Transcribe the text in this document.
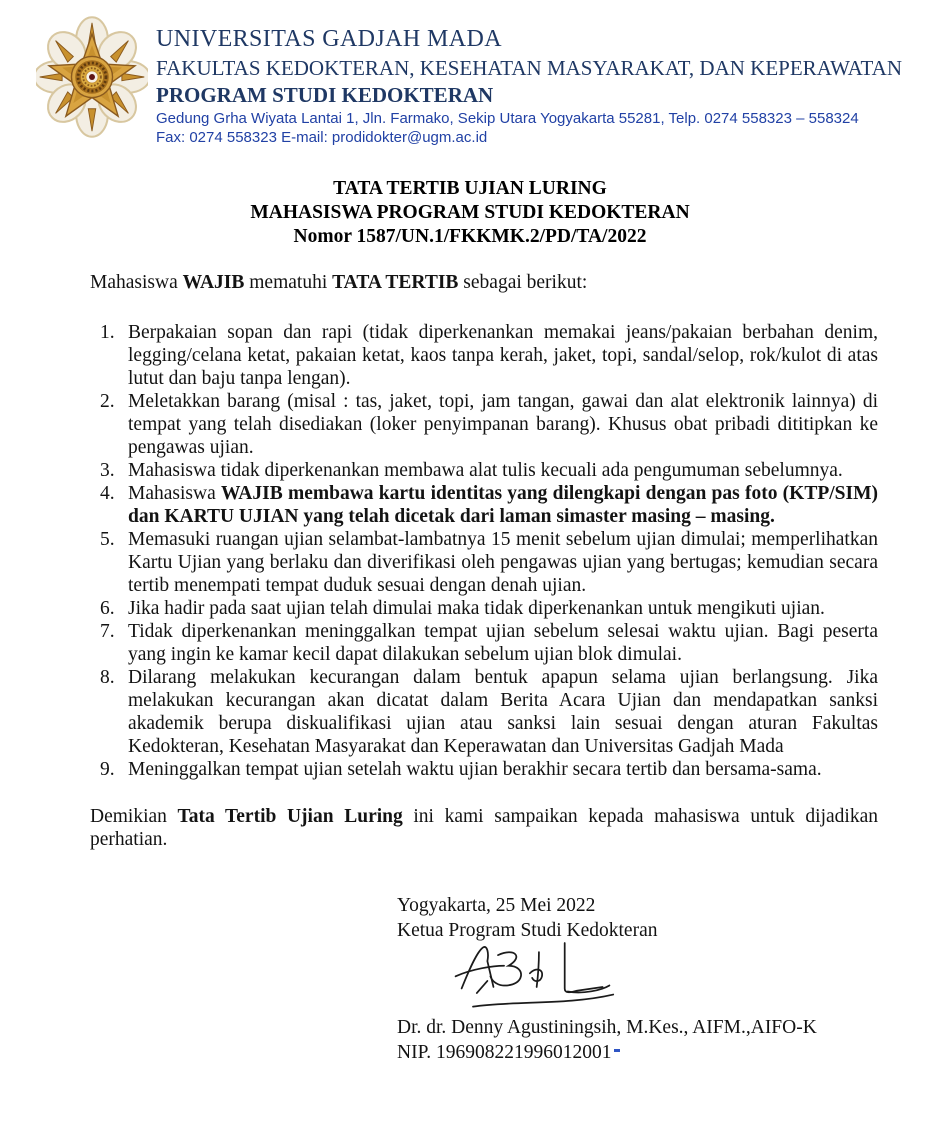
UNIVERSITAS GADJAH MADA
FAKULTAS KEDOKTERAN, KESEHATAN MASYARAKAT, DAN KEPERAWATAN
PROGRAM STUDI KEDOKTERAN
Gedung Grha Wiyata Lantai 1, Jln. Farmako, Sekip Utara Yogyakarta 55281, Telp. 0274 558323 – 558324
Fax: 0274 558323 E-mail: prodidokter@ugm.ac.id
TATA TERTIB UJIAN LURING
MAHASISWA PROGRAM STUDI KEDOKTERAN
Nomor 1587/UN.1/FKKMK.2/PD/TA/2022

Mahasiswa WAJIB mematuhi TATA TERTIB sebagai berikut:

1. Berpakaian sopan dan rapi (tidak diperkenankan memakai jeans/pakaian berbahan denim, legging/celana ketat, pakaian ketat, kaos tanpa kerah, jaket, topi, sandal/selop, rok/kulot di atas lutut dan baju tanpa lengan).
2. Meletakkan barang (misal : tas, jaket, topi, jam tangan, gawai dan alat elektronik lainnya) di tempat yang telah disediakan (loker penyimpanan barang). Khusus obat pribadi dititipkan ke pengawas ujian.
3. Mahasiswa tidak diperkenankan membawa alat tulis kecuali ada pengumuman sebelumnya.
4. Mahasiswa WAJIB membawa kartu identitas yang dilengkapi dengan pas foto (KTP/SIM) dan KARTU UJIAN yang telah dicetak dari laman simaster masing – masing.
5. Memasuki ruangan ujian selambat-lambatnya 15 menit sebelum ujian dimulai; memperlihatkan Kartu Ujian yang berlaku dan diverifikasi oleh pengawas ujian yang bertugas; kemudian secara tertib menempati tempat duduk sesuai dengan denah ujian.
6. Jika hadir pada saat ujian telah dimulai maka tidak diperkenankan untuk mengikuti ujian.
7. Tidak diperkenankan meninggalkan tempat ujian sebelum selesai waktu ujian. Bagi peserta yang ingin ke kamar kecil dapat dilakukan sebelum ujian blok dimulai.
8. Dilarang melakukan kecurangan dalam bentuk apapun selama ujian berlangsung. Jika melakukan kecurangan akan dicatat dalam Berita Acara Ujian dan mendapatkan sanksi akademik berupa diskualifikasi ujian atau sanksi lain sesuai dengan aturan Fakultas Kedokteran, Kesehatan Masyarakat dan Keperawatan dan Universitas Gadjah Mada
9. Meninggalkan tempat ujian setelah waktu ujian berakhir secara tertib dan bersama-sama.

Demikian Tata Tertib Ujian Luring ini kami sampaikan kepada mahasiswa untuk dijadikan perhatian.

Yogyakarta, 25 Mei 2022
Ketua Program Studi Kedokteran
Dr. dr. Denny Agustiningsih, M.Kes., AIFM.,AIFO-K
NIP. 196908221996012001
